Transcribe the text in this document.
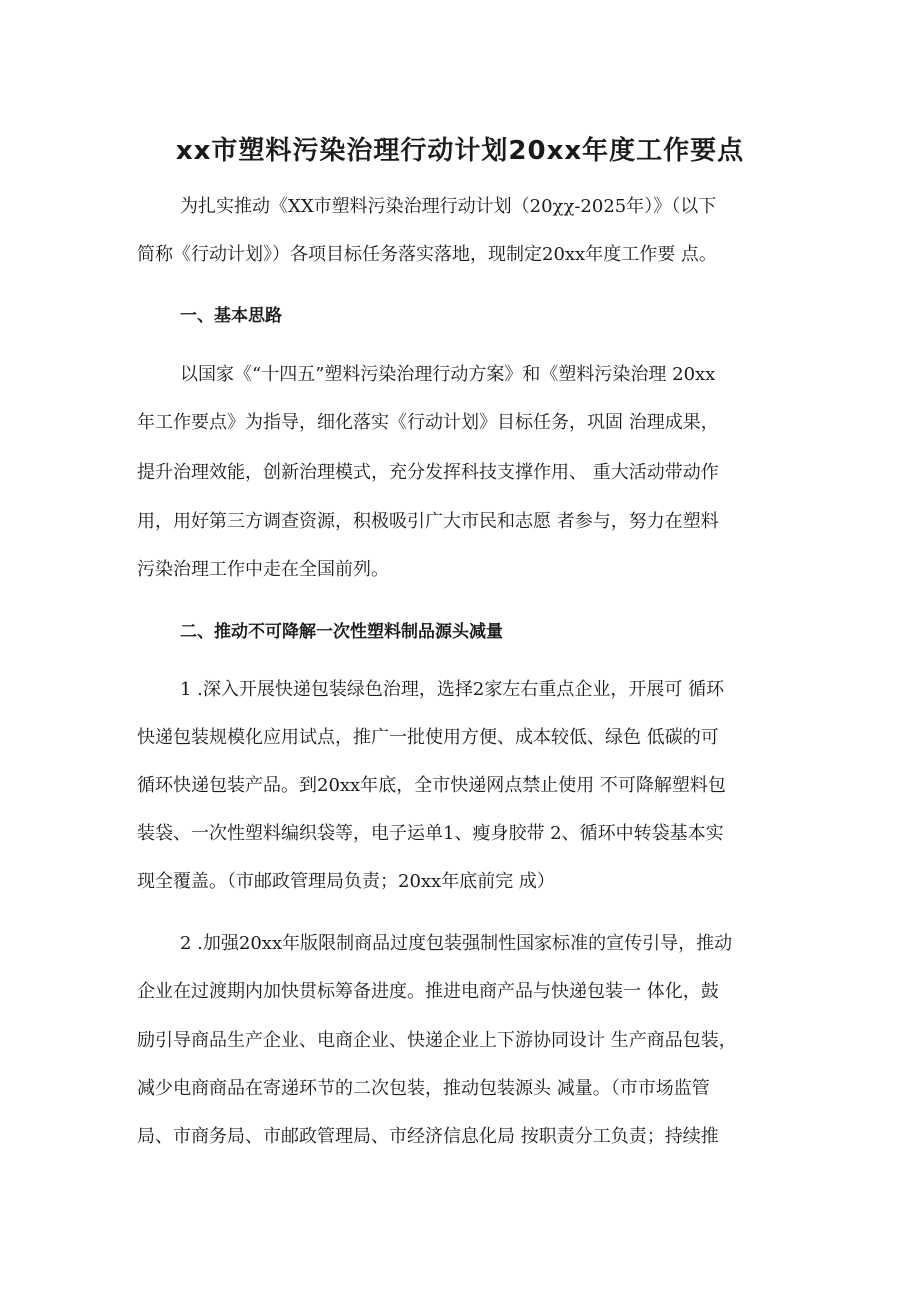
xx市塑料污染治理行动计划20xx年度工作要点

为扎实推动《XX市塑料污染治理行动计划（20χχ-2025年）》（以下

简称《行动计划》）各项目标任务落实落地，现制定20xx年度工作要 点。

一、基本思路

以国家《“十四五”塑料污染治理行动方案》和《塑料污染治理 20xx

年工作要点》为指导，细化落实《行动计划》目标任务，巩固 治理成果，

提升治理效能，创新治理模式，充分发挥科技支撑作用、 重大活动带动作

用，用好第三方调查资源，积极吸引广大市民和志愿 者参与，努力在塑料

污染治理工作中走在全国前列。

二、推动不可降解一次性塑料制品源头减量

1 .深入开展快递包装绿色治理，选择2家左右重点企业，开展可 循环

快递包装规模化应用试点，推广一批使用方便、成本较低、绿色 低碳的可

循环快递包装产品。到20xx年底，全市快递网点禁止使用 不可降解塑料包

装袋、一次性塑料编织袋等，电子运单1、瘦身胶带 2、循环中转袋基本实

现全覆盖。（市邮政管理局负责；20xx年底前完 成）

2 .加强20xx年版限制商品过度包装强制性国家标准的宣传引导，推动

企业在过渡期内加快贯标筹备进度。推进电商产品与快递包装一 体化，鼓

励引导商品生产企业、电商企业、快递企业上下游协同设计 生产商品包装，

减少电商商品在寄递环节的二次包装，推动包装源头 减量。（市市场监管

局、市商务局、市邮政管理局、市经济信息化局 按职责分工负责；持续推
